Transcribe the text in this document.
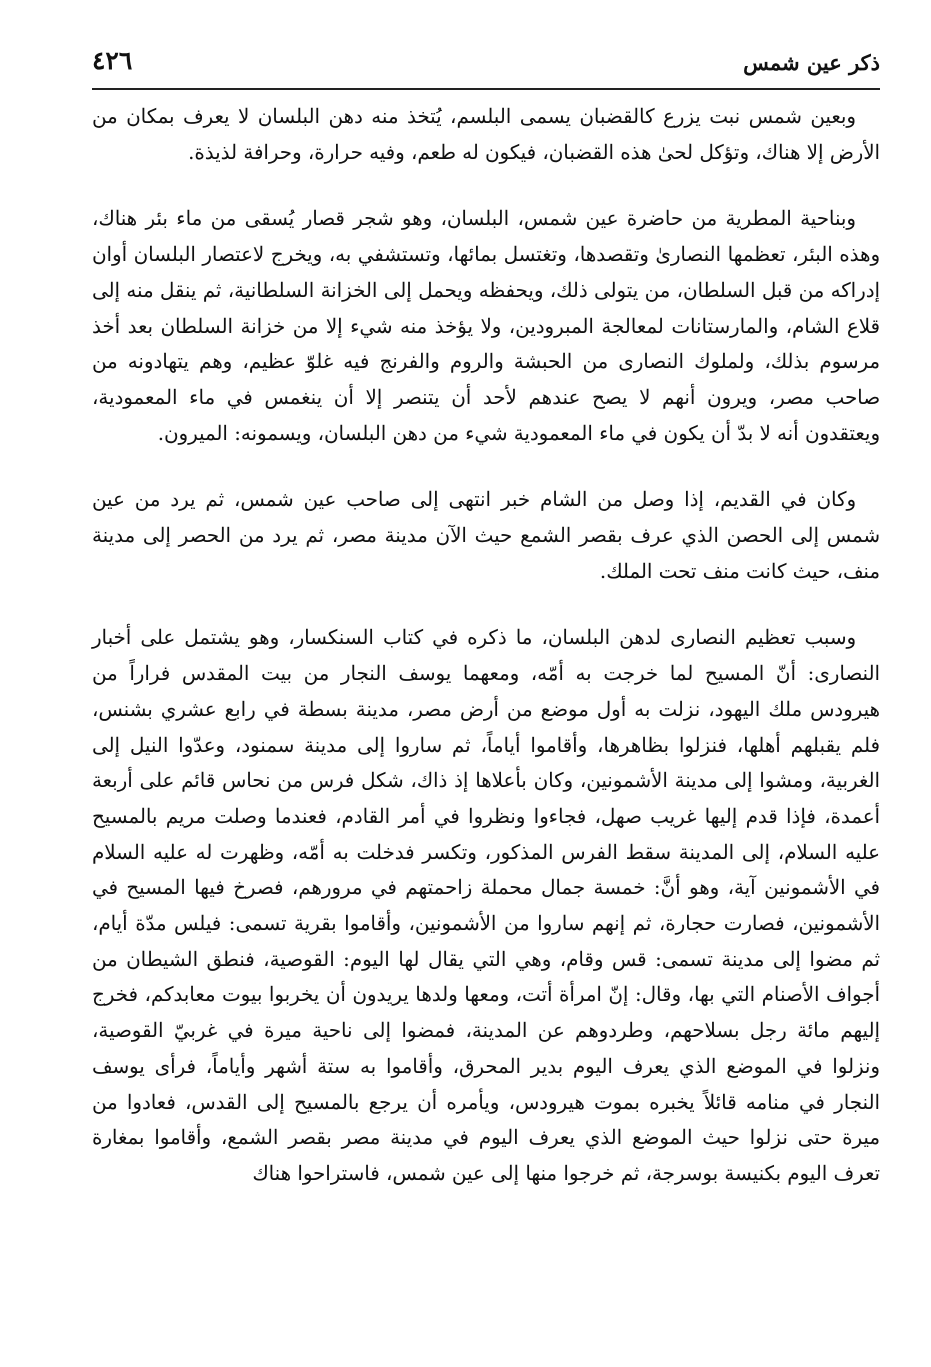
٤٢٦	ذكر عين شمس

وبعين شمس نبت يزرع كالقضبان يسمى البلسم، يُتخذ منه دهن البلسان لا يعرف بمكان من الأرض إلا هناك، وتؤكل لحىٰ هذه القضبان، فيكون له طعم، وفيه حرارة، وحرافة لذيذة.

وبناحية المطرية من حاضرة عين شمس، البلسان، وهو شجر قصار يُسقى من ماء بئر هناك، وهذه البئر، تعظمها النصارىٰ وتقصدها، وتغتسل بمائها، وتستشفي به، ويخرج لاعتصار البلسان أوان إدراكه من قبل السلطان، من يتولى ذلك، ويحفظه ويحمل إلى الخزانة السلطانية، ثم ينقل منه إلى قلاع الشام، والمارستانات لمعالجة المبرودين، ولا يؤخذ منه شيء إلا من خزانة السلطان بعد أخذ مرسوم بذلك، ولملوك النصارى من الحبشة والروم والفرنج فيه غلوّ عظيم، وهم يتهادونه من صاحب مصر، ويرون أنهم لا يصح عندهم لأحد أن يتنصر إلا أن ينغمس في ماء المعمودية، ويعتقدون أنه لا بدّ أن يكون في ماء المعمودية شيء من دهن البلسان، ويسمونه: الميرون.

وكان في القديم، إذا وصل من الشام خبر انتهى إلى صاحب عين شمس، ثم يرد من عين شمس إلى الحصن الذي عرف بقصر الشمع حيث الآن مدينة مصر، ثم يرد من الحصر إلى مدينة منف، حيث كانت منف تحت الملك.

وسبب تعظيم النصارى لدهن البلسان، ما ذكره في كتاب السنكسار، وهو يشتمل على أخبار النصارى: أنّ المسيح لما خرجت به أمّه، ومعهما يوسف النجار من بيت المقدس فراراً من هيرودس ملك اليهود، نزلت به أول موضع من أرض مصر، مدينة بسطة في رابع عشري بشنس، فلم يقبلهم أهلها، فنزلوا بظاهرها، وأقاموا أياماً، ثم ساروا إلى مدينة سمنود، وعدّوا النيل إلى الغربية، ومشوا إلى مدينة الأشمونين، وكان بأعلاها إذ ذاك، شكل فرس من نحاس قائم على أربعة أعمدة، فإذا قدم إليها غريب صهل، فجاءوا ونظروا في أمر القادم، فعندما وصلت مريم بالمسيح عليه السلام، إلى المدينة سقط الفرس المذكور، وتكسر فدخلت به أمّه، وظهرت له عليه السلام في الأشمونين آية، وهو أنَّ: خمسة جمال محملة زاحمتهم في مرورهم، فصرخ فيها المسيح في الأشمونين، فصارت حجارة، ثم إنهم ساروا من الأشمونين، وأقاموا بقرية تسمى: فيلس مدّة أيام، ثم مضوا إلى مدينة تسمى: قس وقام، وهي التي يقال لها اليوم: القوصية، فنطق الشيطان من أجواف الأصنام التي بها، وقال: إنّ امرأة أتت، ومعها ولدها يريدون أن يخربوا بيوت معابدكم، فخرج إليهم مائة رجل بسلاحهم، وطردوهم عن المدينة، فمضوا إلى ناحية ميرة في غربيّ القوصية، ونزلوا في الموضع الذي يعرف اليوم بدير المحرق، وأقاموا به ستة أشهر وأياماً، فرأى يوسف النجار في منامه قائلاً يخبره بموت هيرودس، ويأمره أن يرجع بالمسيح إلى القدس، فعادوا من ميرة حتى نزلوا حيث الموضع الذي يعرف اليوم في مدينة مصر بقصر الشمع، وأقاموا بمغارة تعرف اليوم بكنيسة بوسرجة، ثم خرجوا منها إلى عين شمس، فاستراحوا هناك
